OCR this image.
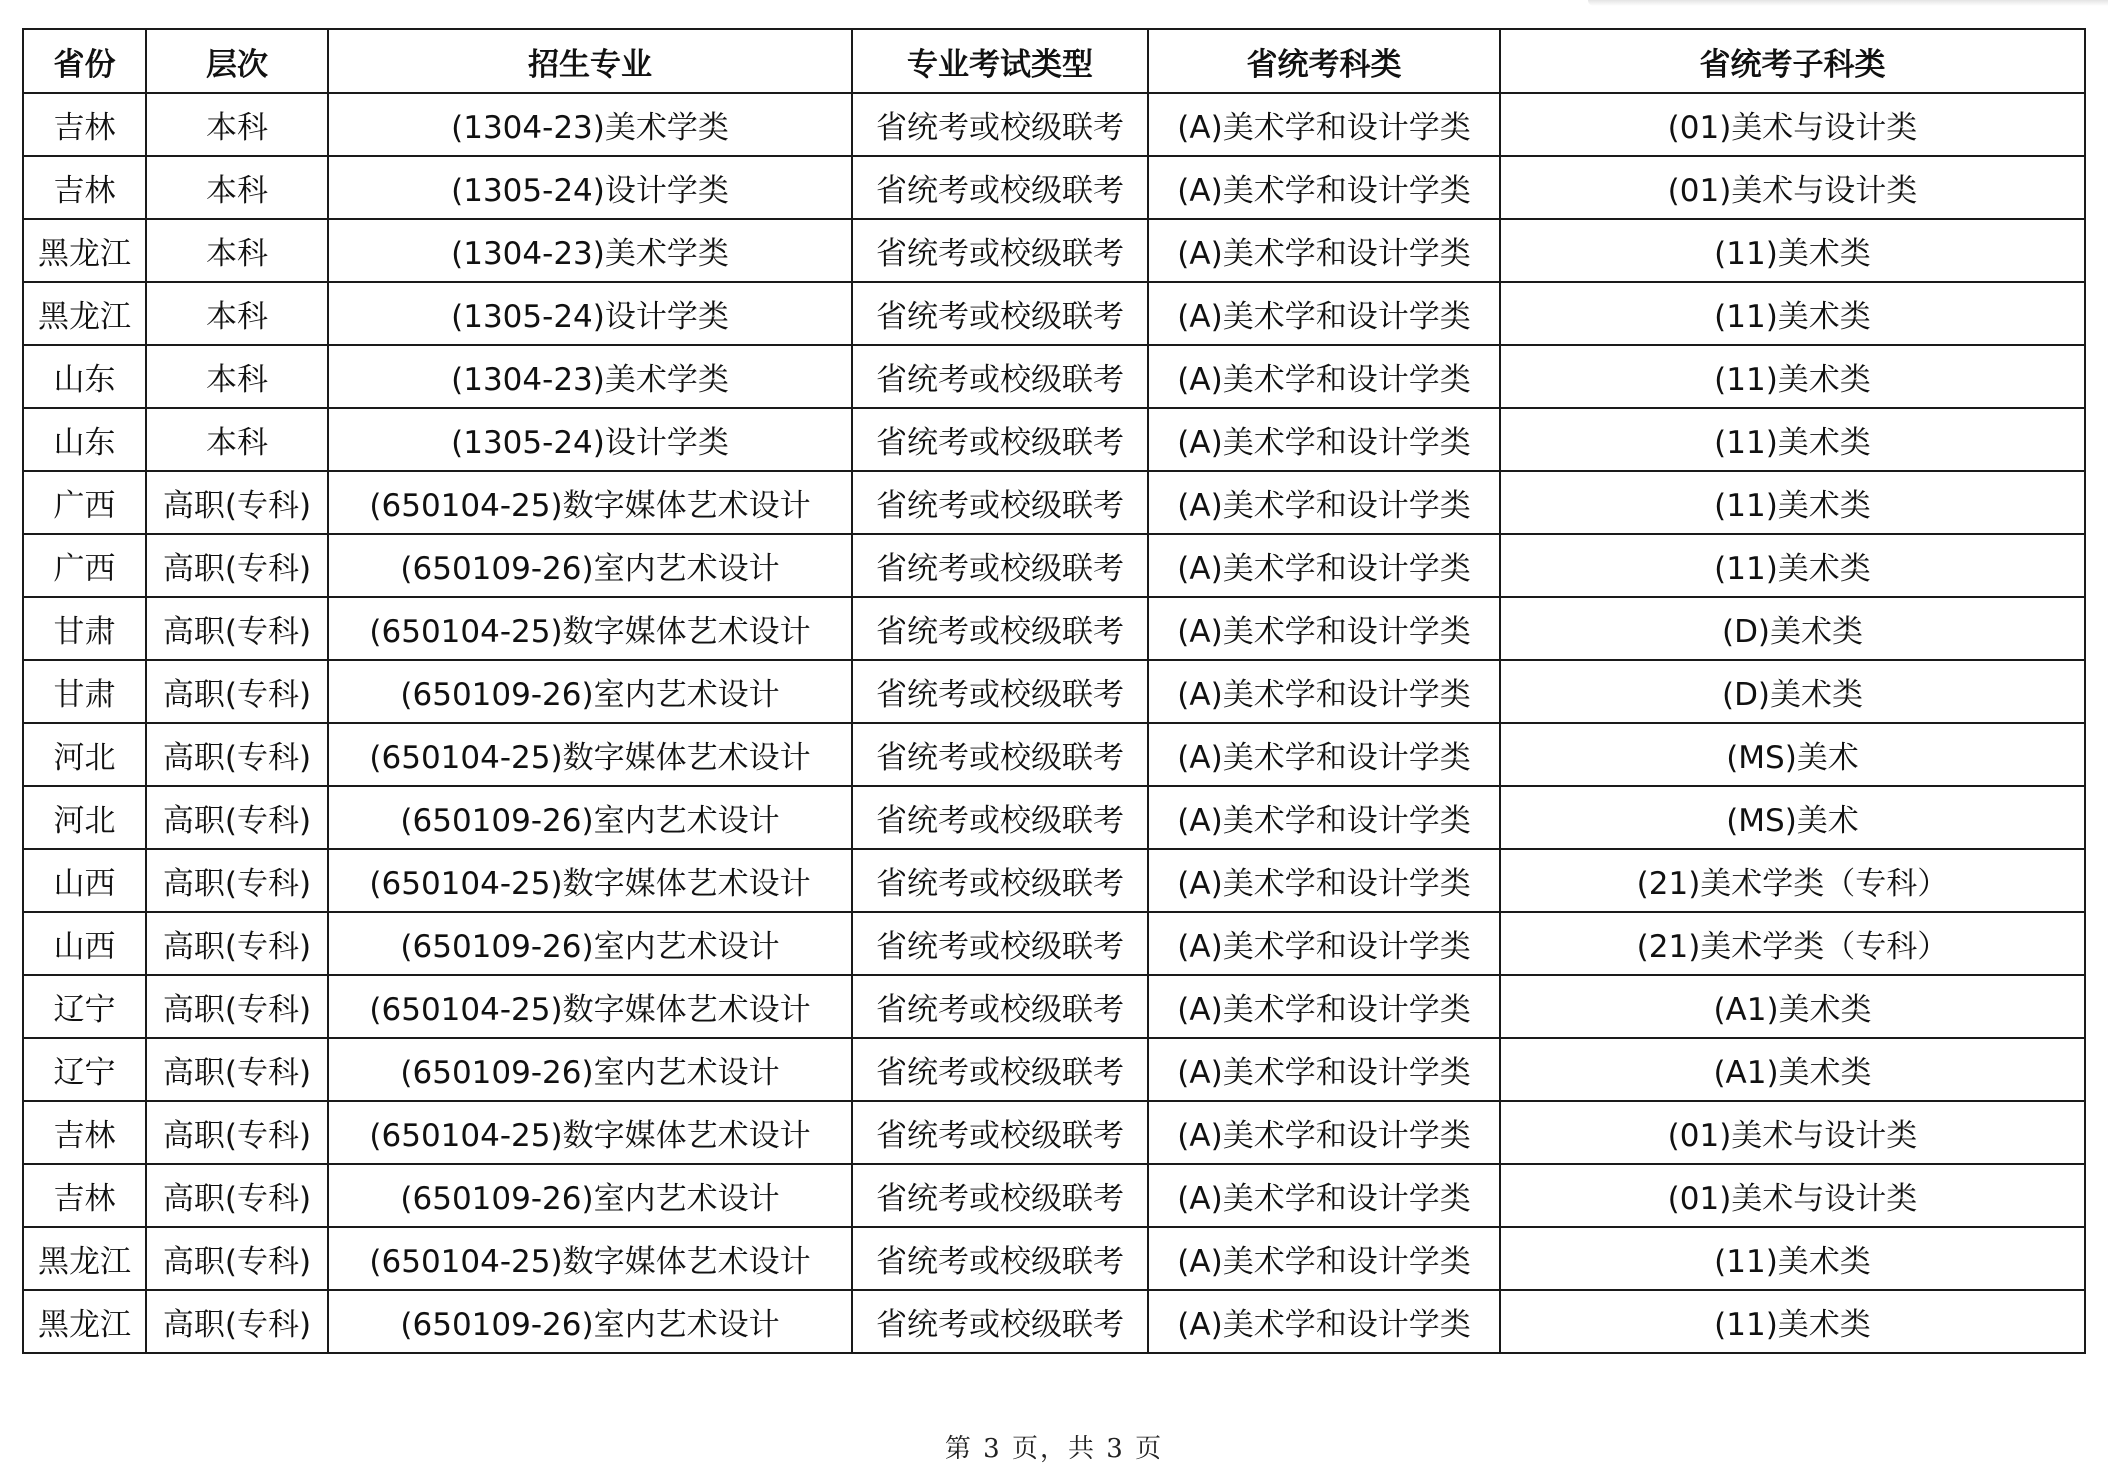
省份	层次	招生专业	专业考试类型	省统考科类	省统考子科类
吉林	本科	(1304-23)美术学类	省统考或校级联考	(A)美术学和设计学类	(01)美术与设计类
吉林	本科	(1305-24)设计学类	省统考或校级联考	(A)美术学和设计学类	(01)美术与设计类
黑龙江	本科	(1304-23)美术学类	省统考或校级联考	(A)美术学和设计学类	(11)美术类
黑龙江	本科	(1305-24)设计学类	省统考或校级联考	(A)美术学和设计学类	(11)美术类
山东	本科	(1304-23)美术学类	省统考或校级联考	(A)美术学和设计学类	(11)美术类
山东	本科	(1305-24)设计学类	省统考或校级联考	(A)美术学和设计学类	(11)美术类
广西	高职(专科)	(650104-25)数字媒体艺术设计	省统考或校级联考	(A)美术学和设计学类	(11)美术类
广西	高职(专科)	(650109-26)室内艺术设计	省统考或校级联考	(A)美术学和设计学类	(11)美术类
甘肃	高职(专科)	(650104-25)数字媒体艺术设计	省统考或校级联考	(A)美术学和设计学类	(D)美术类
甘肃	高职(专科)	(650109-26)室内艺术设计	省统考或校级联考	(A)美术学和设计学类	(D)美术类
河北	高职(专科)	(650104-25)数字媒体艺术设计	省统考或校级联考	(A)美术学和设计学类	(MS)美术
河北	高职(专科)	(650109-26)室内艺术设计	省统考或校级联考	(A)美术学和设计学类	(MS)美术
山西	高职(专科)	(650104-25)数字媒体艺术设计	省统考或校级联考	(A)美术学和设计学类	(21)美术学类（专科）
山西	高职(专科)	(650109-26)室内艺术设计	省统考或校级联考	(A)美术学和设计学类	(21)美术学类（专科）
辽宁	高职(专科)	(650104-25)数字媒体艺术设计	省统考或校级联考	(A)美术学和设计学类	(A1)美术类
辽宁	高职(专科)	(650109-26)室内艺术设计	省统考或校级联考	(A)美术学和设计学类	(A1)美术类
吉林	高职(专科)	(650104-25)数字媒体艺术设计	省统考或校级联考	(A)美术学和设计学类	(01)美术与设计类
吉林	高职(专科)	(650109-26)室内艺术设计	省统考或校级联考	(A)美术学和设计学类	(01)美术与设计类
黑龙江	高职(专科)	(650104-25)数字媒体艺术设计	省统考或校级联考	(A)美术学和设计学类	(11)美术类
黑龙江	高职(专科)	(650109-26)室内艺术设计	省统考或校级联考	(A)美术学和设计学类	(11)美术类
第 3 页，共 3 页
